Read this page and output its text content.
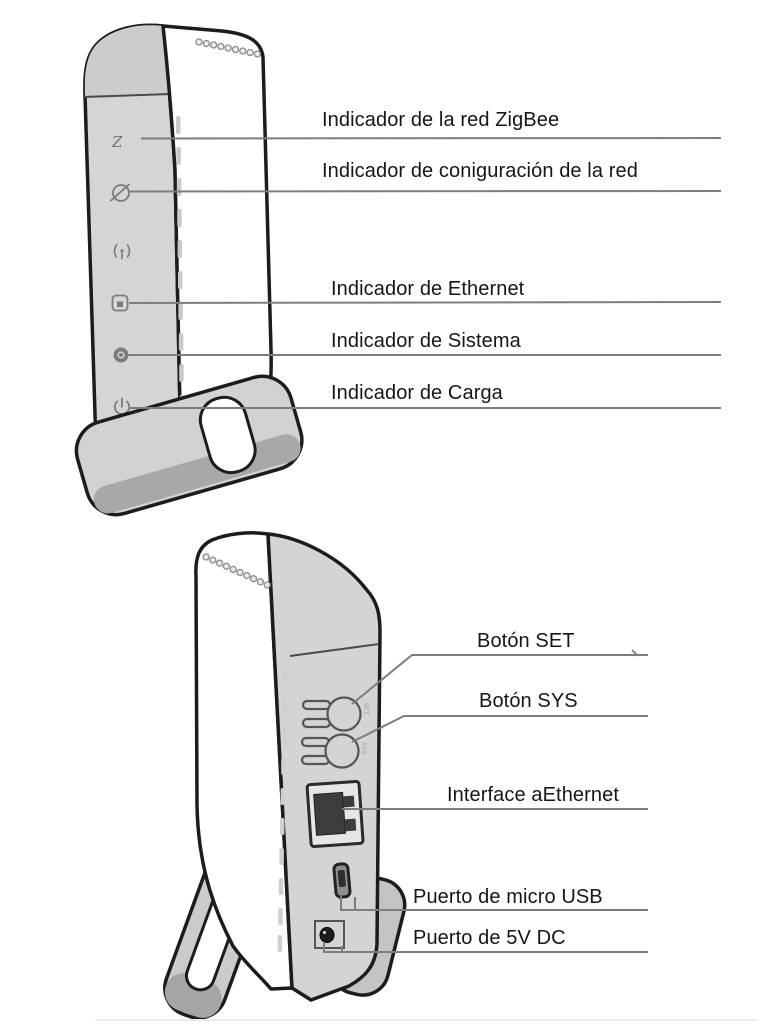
Z
SET
SYS
Indicador de la red ZigBee
Indicador de coniguración de la red
Indicador de Ethernet
Indicador de Sistema
Indicador de Carga
Botón SET
Botón SYS
Interface aEthernet
Puerto de micro USB
Puerto de 5V DC
